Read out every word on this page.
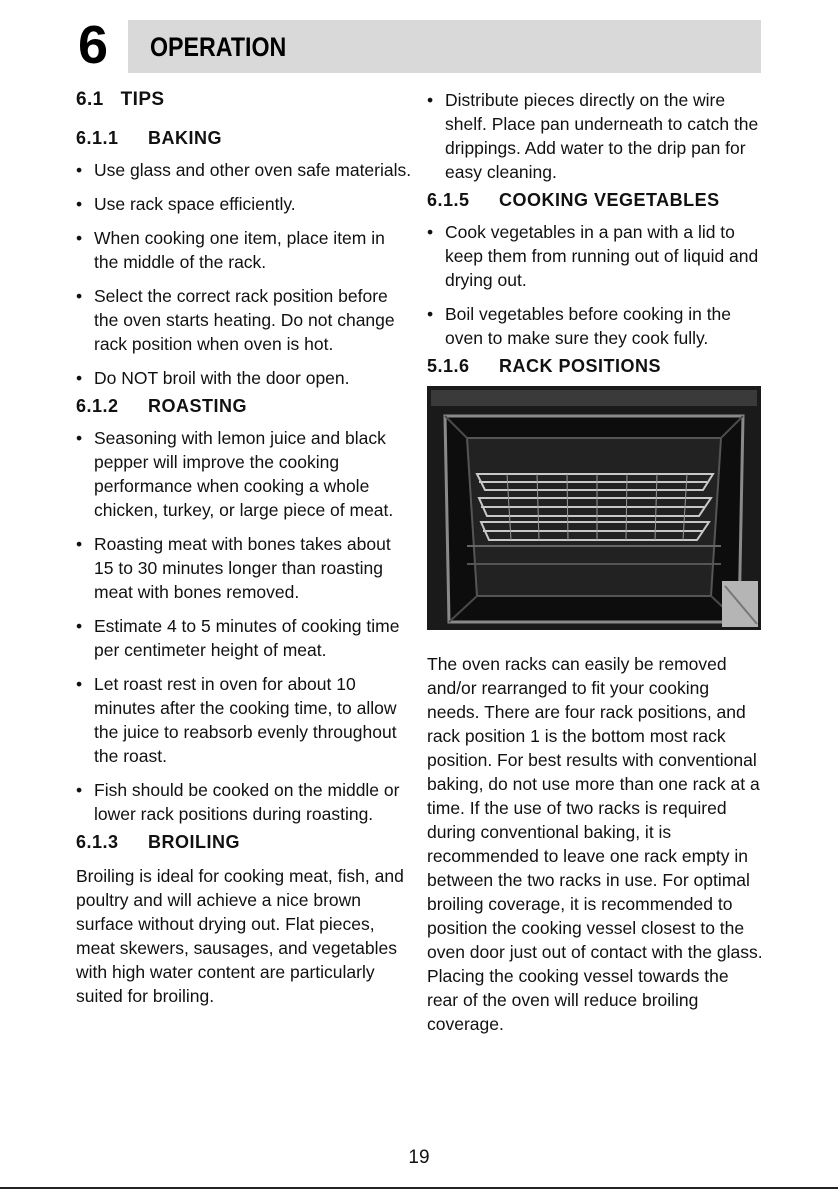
6 OPERATION
6.1 TIPS
6.1.1 BAKING
• Use glass and other oven safe materials.
• Use rack space efficiently.
• When cooking one item, place item in the middle of the rack.
• Select the correct rack position before the oven starts heating. Do not change rack position when oven is hot.
• Do NOT broil with the door open.
6.1.2 ROASTING
• Seasoning with lemon juice and black pepper will improve the cooking performance when cooking a whole chicken, turkey, or large piece of meat.
• Roasting meat with bones takes about 15 to 30 minutes longer than roasting meat with bones removed.
• Estimate 4 to 5 minutes of cooking time per centimeter height of meat.
• Let roast rest in oven for about 10 minutes after the cooking time, to allow the juice to reabsorb evenly throughout the roast.
• Fish should be cooked on the middle or lower rack positions during roasting.
6.1.3 BROILING

Broiling is ideal for cooking meat, fish, and poultry and will achieve a nice brown surface without drying out. Flat pieces, meat skewers, sausages, and vegetables with high water content are particularly suited for broiling.

• Distribute pieces directly on the wire shelf. Place pan underneath to catch the drippings. Add water to the drip pan for easy cleaning.
6.1.5 COOKING VEGETABLES
• Cook vegetables in a pan with a lid to keep them from running out of liquid and drying out.
• Boil vegetables before cooking in the oven to make sure they cook fully.
5.1.6 RACK POSITIONS

The oven racks can easily be removed and/or rearranged to fit your cooking needs. There are four rack positions, and rack position 1 is the bottom most rack position. For best results with conventional baking, do not use more than one rack at a time. If the use of two racks is required during conventional baking, it is recommended to leave one rack empty in between the two racks in use. For optimal broiling coverage, it is recommended to position the cooking vessel closest to the oven door just out of contact with the glass. Placing the cooking vessel towards the rear of the oven will reduce broiling coverage.

19
